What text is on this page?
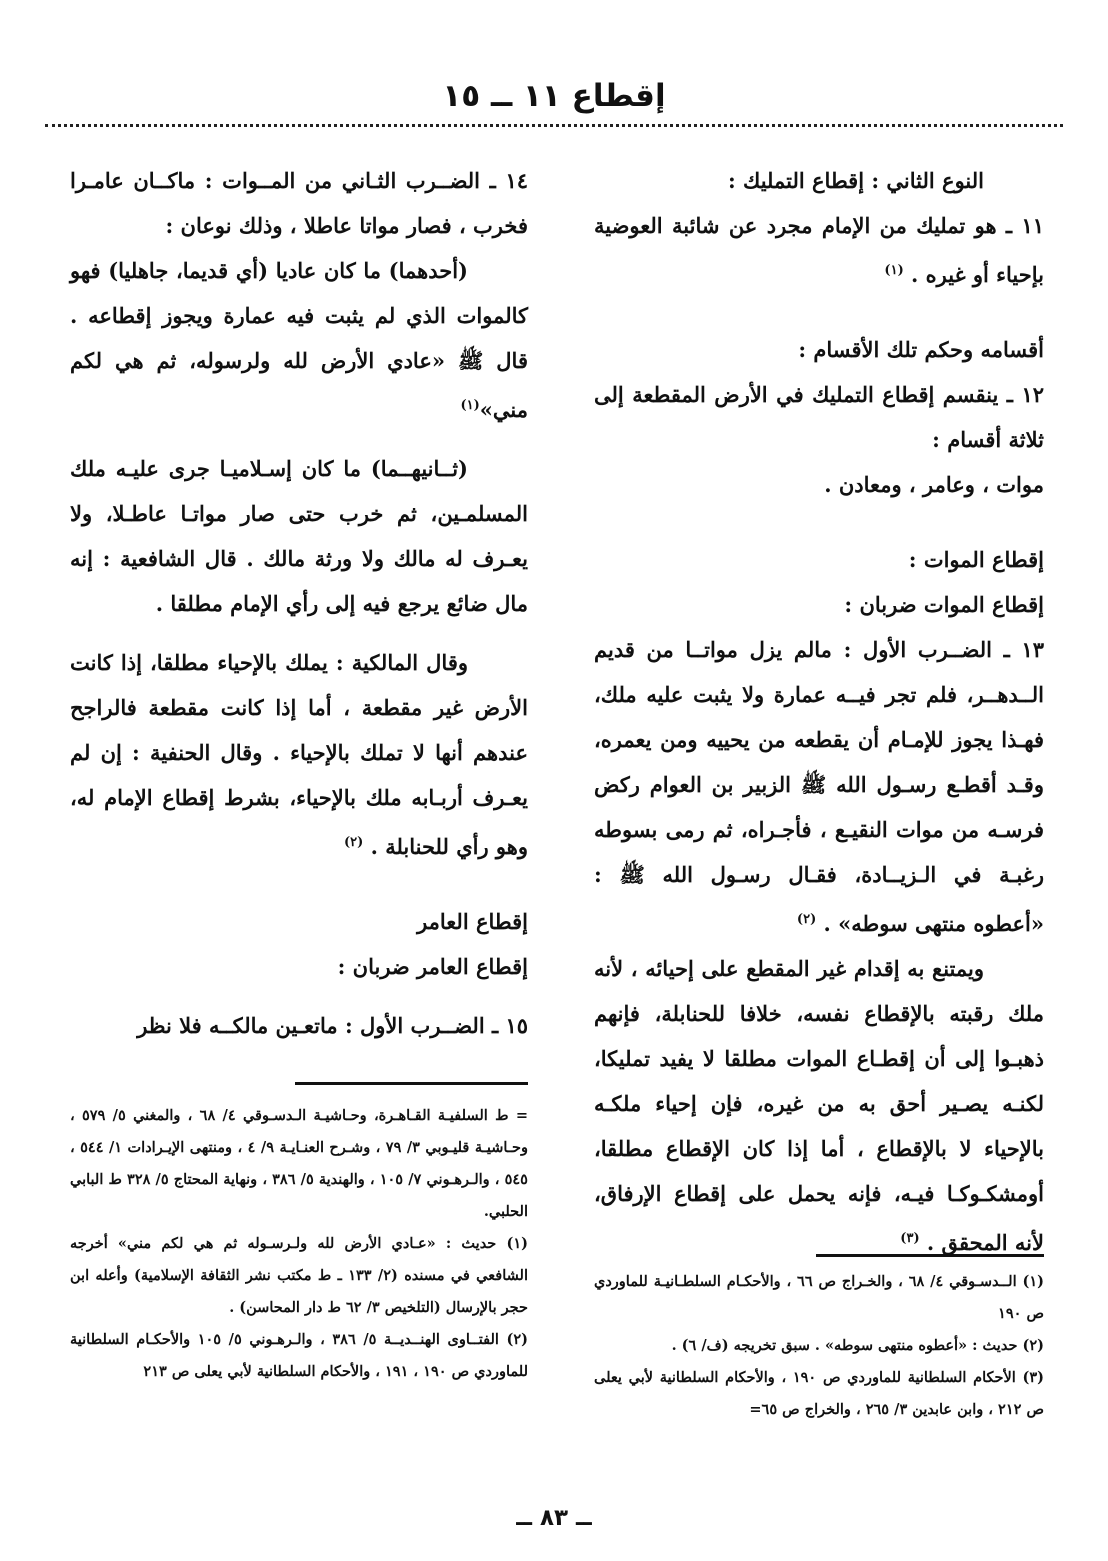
إقطاع ١١ ــ ١٥

النوع الثاني : إقطاع التمليك :

١١ ـ هو تمليك من الإمام مجرد عن شائبة العوضية بإحياء أو غيره . $^{(١)}$

أقسامه وحكم تلك الأقسام :

١٢ ـ ينقسم إقطاع التمليك في الأرض المقطعة إلى ثلاثة أقسام :

موات ، وعامر ، ومعادن .

إقطاع الموات :

إقطاع الموات ضربان :

١٣ ـ الضــرب الأول : مالم يزل مواتــا من قديم الــدهــر، فلم تجر فيــه عمارة ولا يثبت عليه ملك، فهـذا يجوز للإمـام أن يقطعه من يحييه ومن يعمره، وقـد أقطـع رسـول الله ﷺ الزبير بن العوام ركض فرسـه من موات النقيـع ، فأجـراه، ثم رمى بسوطه رغبـة في الـزيــادة، فقـال رسـول الله ﷺ : «أعطوه منتهى سوطه» . $^{(٢)}$

ويمتنع به إقدام غير المقطع على إحيائه ، لأنه ملك رقبته بالإقطاع نفسه، خلافا للحنابلة، فإنهم ذهبـوا إلى أن إقطـاع الموات مطلقا لا يفيد تمليكا، لكنـه يصـير أحق به من غيره، فإن إحياء ملكـه بالإحياء لا بالإقطاع ، أما إذا كان الإقطاع مطلقا، أومشكـوكـا فيـه، فإنه يحمل على إقطاع الإرفاق، لأنه المحقق . $^{(٣)}$

١٤ ـ الضــرب الثـاني من المــوات : ماكــان عامـرا فخرب ، فصار مواتا عاطلا ، وذلك نوعان :

(أحدهما) ما كان عاديا (أي قديما، جاهليا) فهو كالموات الذي لم يثبت فيه عمارة ويجوز إقطاعه . قال ﷺ «عادي الأرض لله ولرسوله، ثم هي لكم مني»$^{(١)}$

(ثــانيهــما) ما كان إسـلاميـا جرى عليـه ملك المسلمـين، ثم خرب حتى صار مواتـا عاطـلا، ولا يعـرف له مالك ولا ورثة مالك . قال الشافعية : إنه مال ضائع يرجع فيه إلى رأي الإمام مطلقا .

وقال المالكية : يملك بالإحياء مطلقا، إذا كانت الأرض غير مقطعة ، أما إذا كانت مقطعة فالراجح عندهم أنها لا تملك بالإحياء . وقال الحنفية : إن لم يعـرف أربـابه ملك بالإحياء، بشرط إقطاع الإمام له، وهو رأي للحنابلة . $^{(٢)}$

إقطاع العامر

إقطاع العامر ضربان :

١٥ ـ الضــرب الأول : ماتعـين مالكــه فلا نظر

= ط السلفيـة القـاهـرة، وحـاشيـة الـدسـوقي ٤/ ٦٨ ، والمغني ٥/ ٥٧٩ ، وحـاشيـة قليـوبي ٣/ ٧٩ ، وشـرح العنـايـة ٩/ ٤ ، ومنتهى الإيـرادات ١/ ٥٤٤ ، ٥٤٥ ، والـرهـوني ٧/ ١٠٥ ، والهندية ٥/ ٣٨٦ ، ونهاية المحتاج ٥/ ٣٢٨ ط البابي الحلبي.

(١) حديث : «عـادي الأرض لله ولـرسـوله ثم هي لكم مني» أخرجه الشافعي في مسنده (٢/ ١٣٣ ـ ط مكتب نشر الثقافة الإسلامية) وأعله ابن حجر بالإرسال (التلخيص ٣/ ٦٢ ط دار المحاسن) .

(٢) الفتــاوى الهنــديــة ٥/ ٣٨٦ ، والـرهـوني ٥/ ١٠٥ والأحكـام السلطانية للماوردي ص ١٩٠ ، ١٩١ ، والأحكام السلطانية لأبي يعلى ص ٢١٣

(١) الــدسـوقي ٤/ ٦٨ ، والخـراج ص ٦٦ ، والأحكـام السلطـانيـة للماوردي ص ١٩٠

(٢) حديث : «أعطوه منتهى سوطه» . سبق تخريجه (ف/ ٦) .

(٣) الأحكام السلطانية للماوردي ص ١٩٠ ، والأحكام السلطانية لأبي يعلى ص ٢١٢ ، وابن عابدين ٣/ ٢٦٥ ، والخراج ص ٦٥=

ــ ٨٣ ــ
